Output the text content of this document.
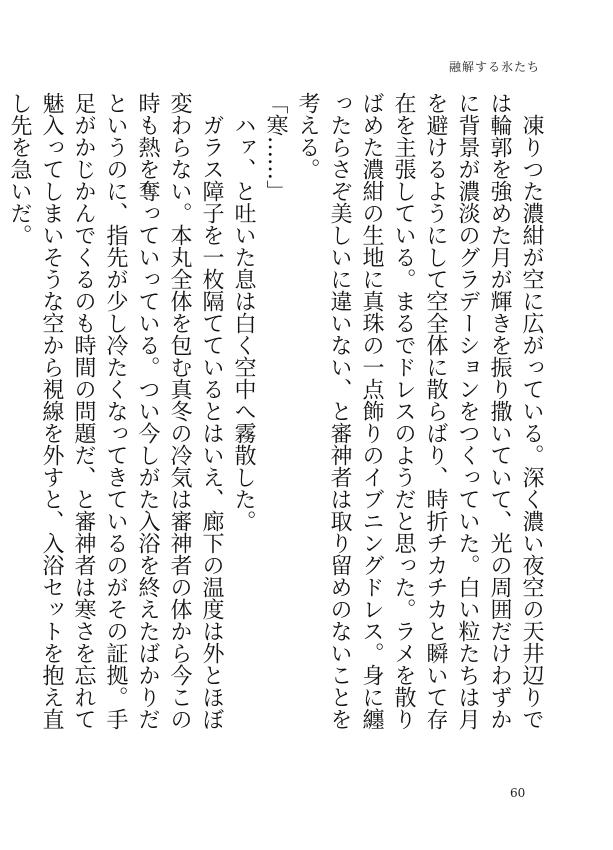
融解する氷たち

　凍りつた濃紺が空に広がっている。深く濃い夜空の天井辺りでは輪郭を強めた月が輝きを振り撒いていて、光の周囲だけわずかに背景が濃淡のグラデーションをつくっていた。白い粒たちは月を避けるようにして空全体に散らばり、時折チカチカと瞬いて存在を主張している。まるでドレスのようだと思った。ラメを散りばめた濃紺の生地に真珠の一点飾りのイブニングドレス。身に纏ったらさぞ美しいに違いない、と審神者は取り留めのないことを考える。

「寒……」

　ハァ、と吐いた息は白く空中へ霧散した。

　ガラス障子を一枚隔てているとはいえ、廊下の温度は外とほぼ変わらない。本丸全体を包む真冬の冷気は審神者の体から今この時も熱を奪っていっている。つい今しがた入浴を終えたばかりだというのに、指先が少し冷たくなってきているのがその証拠。手足がかじかんでくるのも時間の問題だ、と審神者は寒さを忘れて魅入ってしまいそうな空から視線を外すと、入浴セットを抱え直し先を急いだ。

60
